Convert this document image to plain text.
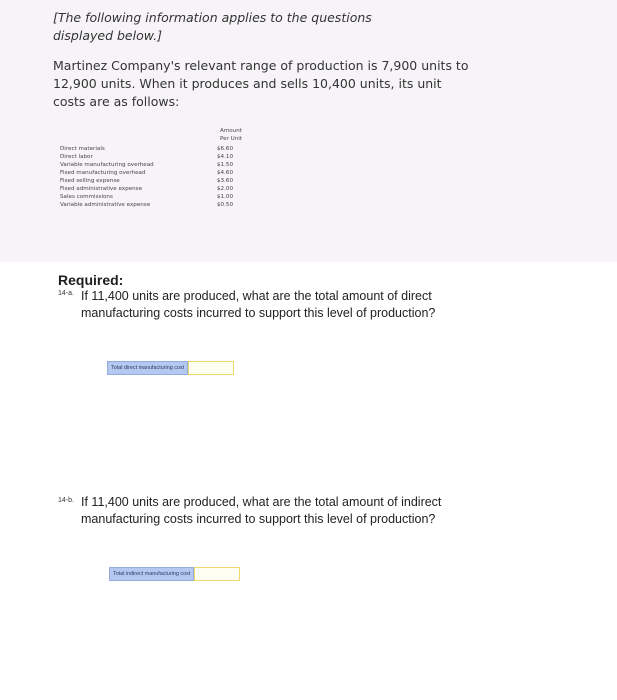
[The following information applies to the questions displayed below.]
Martinez Company's relevant range of production is 7,900 units to 12,900 units. When it produces and sells 10,400 units, its unit costs are as follows:
Amount
Per Unit
Direct materials	$6.60
Direct labor	$4.10
Variable manufacturing overhead	$1.50
Fixed manufacturing overhead	$4.60
Fixed selling expense	$3.60
Fixed administrative expense	$2.00
Sales commissions	$1.00
Variable administrative expense	$0.50
Required:
14-a. If 11,400 units are produced, what are the total amount of direct manufacturing costs incurred to support this level of production?
Total direct manufacturing cost
14-b. If 11,400 units are produced, what are the total amount of indirect manufacturing costs incurred to support this level of production?
Total indirect manufacturing cost
